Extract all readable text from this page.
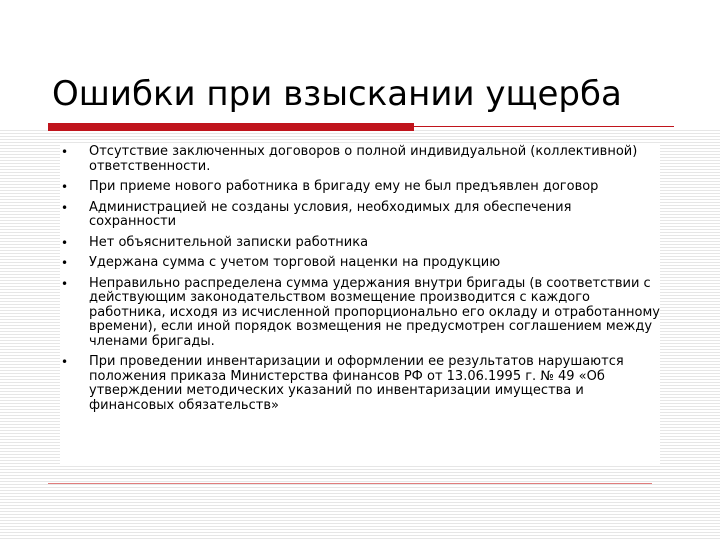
Ошибки при взыскании ущерба
• Отсутствие заключенных договоров о полной индивидуальной (коллективной) ответственности.
• При приеме нового работника в бригаду ему не был предъявлен договор
• Администрацией не созданы условия, необходимых для обеспечения сохранности
• Нет объяснительной записки работника
• Удержана сумма с учетом торговой наценки на продукцию
• Неправильно распределена сумма удержания внутри бригады (в соответствии с действующим законодательством возмещение производится с каждого работника, исходя из исчисленной пропорционально его окладу и отработанному времени), если иной порядок возмещения не предусмотрен соглашением между членами бригады.
• При проведении инвентаризации и оформлении ее результатов нарушаются положения приказа Министерства финансов РФ от 13.06.1995 г. № 49 «Об утверждении методических указаний по инвентаризации имущества и финансовых обязательств»
